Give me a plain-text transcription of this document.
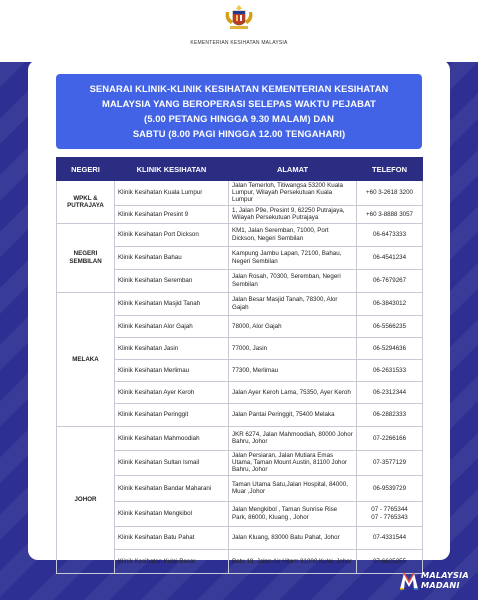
KEMENTERIAN KESIHATAN MALAYSIA
SENARAI KLINIK-KLINIK KESIHATAN KEMENTERIAN KESIHATAN
MALAYSIA YANG BEROPERASI SELEPAS WAKTU PEJABAT
(5.00 PETANG HINGGA 9.30 MALAM) DAN
SABTU (8.00 PAGI HINGGA 12.00 TENGAHARI)
NEGERI	KLINIK KESIHATAN	ALAMAT	TELEFON
WPKL &
PUTRAJAYA	Klinik Kesihatan Kuala Lumpur	Jalan Temerloh, Titiwangsa 53200 Kuala Lumpur, Wilayah Persekutuan Kuala Lumpur	+60 3-2618 3200
	Klinik Kesihatan Presint 9	1, Jalan P9e, Presint 9, 62250 Putrajaya, Wilayah Persekutuan Putrajaya	+60 3-8888 3057
NEGERI
SEMBILAN	Klinik Kesihatan Port Dickson	KM1, Jalan Seremban, 71000, Port Dickson, Negeri Sembilan	06-6473333
	Klinik Kesihatan Bahau	Kampung Jambu Lapan, 72100, Bahau, Negeri Sembilan	06-4541234
	Klinik Kesihatan Seremban	Jalan Rosah, 70300, Seremban, Negeri Sembilan	06-7679267
MELAKA	Klinik Kesihatan Masjid Tanah	Jalan Besar Masjid Tanah, 78300, Alor Gajah	06-3843012
	Klinik Kesihatan Alor Gajah	78000, Alor Gajah	06-5566235
	Klinik Kesihatan Jasin	77000, Jasin	06-5294636
	Klinik Kesihatan Merlimau	77300, Merlimau	06-2631533
	Klinik Kesihatan Ayer Keroh	Jalan Ayer Keroh Lama, 75350, Ayer Keroh	06-2312344
	Klinik Kesihatan Peringgit	Jalan Pantai Peringgit, 75400 Melaka	06-2882333
JOHOR	Klinik Kesihatan Mahmoodiah	JKR 6274, Jalan Mahmoodiah, 80000 Johor Bahru, Johor	07-2266166
	Klinik Kesihatan Sultan Ismail	Jalan Persiaran, Jalan Mutiara Emas Utama, Taman Mount Austin, 81100 Johor Bahru, Johor	07-3577129
	Klinik Kesihatan Bandar Maharani	Taman Utama Satu,Jalan Hospital, 84000, Muar ,Johor	06-9539729
	Klinik Kesihatan Mengkibol	Jalan Mengkibol , Taman Sunrise Rise Park, 86000, Kluang , Johor	07 - 7765344
07 - 7765343
	Klinik Kesihatan Batu Pahat	Jalan Kluang, 83000 Batu Pahat, Johor	07-4331544
	Klinik Kesihatan Kulai Besar	Batu 19, Jalan Air Hitam 81000 Kulai, Johor	07-6625255
MALAYSIA
MADANI
